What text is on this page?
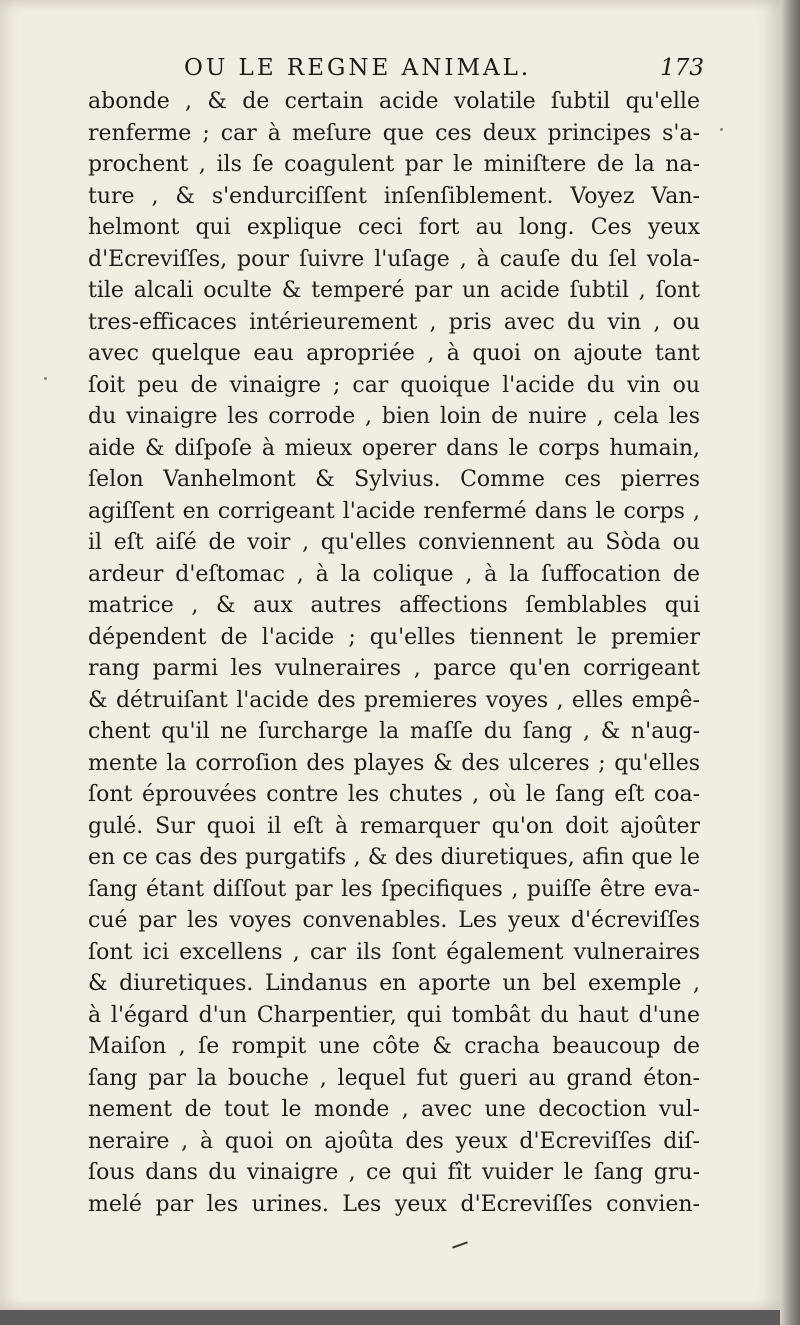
OU LE REGNE ANIMAL.	173
abonde , & de certain acide volatile ſubtil qu'elle
renferme ; car à meſure que ces deux principes s'a-
prochent , ils ſe coagulent par le miniſtere de la na-
ture , & s'endurciſſent inſenſiblement. Voyez Van-
helmont qui explique ceci fort au long. Ces yeux
d'Ecreviſſes, pour ſuivre l'uſage , à cauſe du ſel vola-
tile alcali oculte & temperé par un acide ſubtil , ſont
tres-efficaces intérieurement , pris avec du vin , ou
avec quelque eau apropriée , à quoi on ajoute tant
ſoit peu de vinaigre ; car quoique l'acide du vin ou
du vinaigre les corrode , bien loin de nuire , cela les
aide & diſpoſe à mieux operer dans le corps humain,
ſelon Vanhelmont & Sylvius. Comme ces pierres
agiſſent en corrigeant l'acide renfermé dans le corps ,
il eſt aiſé de voir , qu'elles conviennent au Sòda ou
ardeur d'eſtomac , à la colique , à la ſuffocation de
matrice , & aux autres affections ſemblables qui
dépendent de l'acide ; qu'elles tiennent le premier
rang parmi les vulneraires , parce qu'en corrigeant
& détruiſant l'acide des premieres voyes , elles empê-
chent qu'il ne ſurcharge la maſſe du ſang , & n'aug-
mente la corroſion des playes & des ulceres ; qu'elles
ſont éprouvées contre les chutes , où le ſang eſt coa-
gulé. Sur quoi il eſt à remarquer qu'on doit ajoûter
en ce cas des purgatifs , & des diuretiques, afin que le
ſang étant diſſout par les ſpecifiques , puiſſe être eva-
cué par les voyes convenables. Les yeux d'écreviſſes
ſont ici excellens , car ils ſont également vulneraires
& diuretiques. Lindanus en aporte un bel exemple ,
à l'égard d'un Charpentier, qui tombât du haut d'une
Maiſon , ſe rompit une côte & cracha beaucoup de
ſang par la bouche , lequel fut gueri au grand éton-
nement de tout le monde , avec une decoction vul-
neraire , à quoi on ajoûta des yeux d'Ecreviſſes diſ-
ſous dans du vinaigre , ce qui fît vuider le ſang gru-
melé par les urines. Les yeux d'Ecreviſſes convien-
